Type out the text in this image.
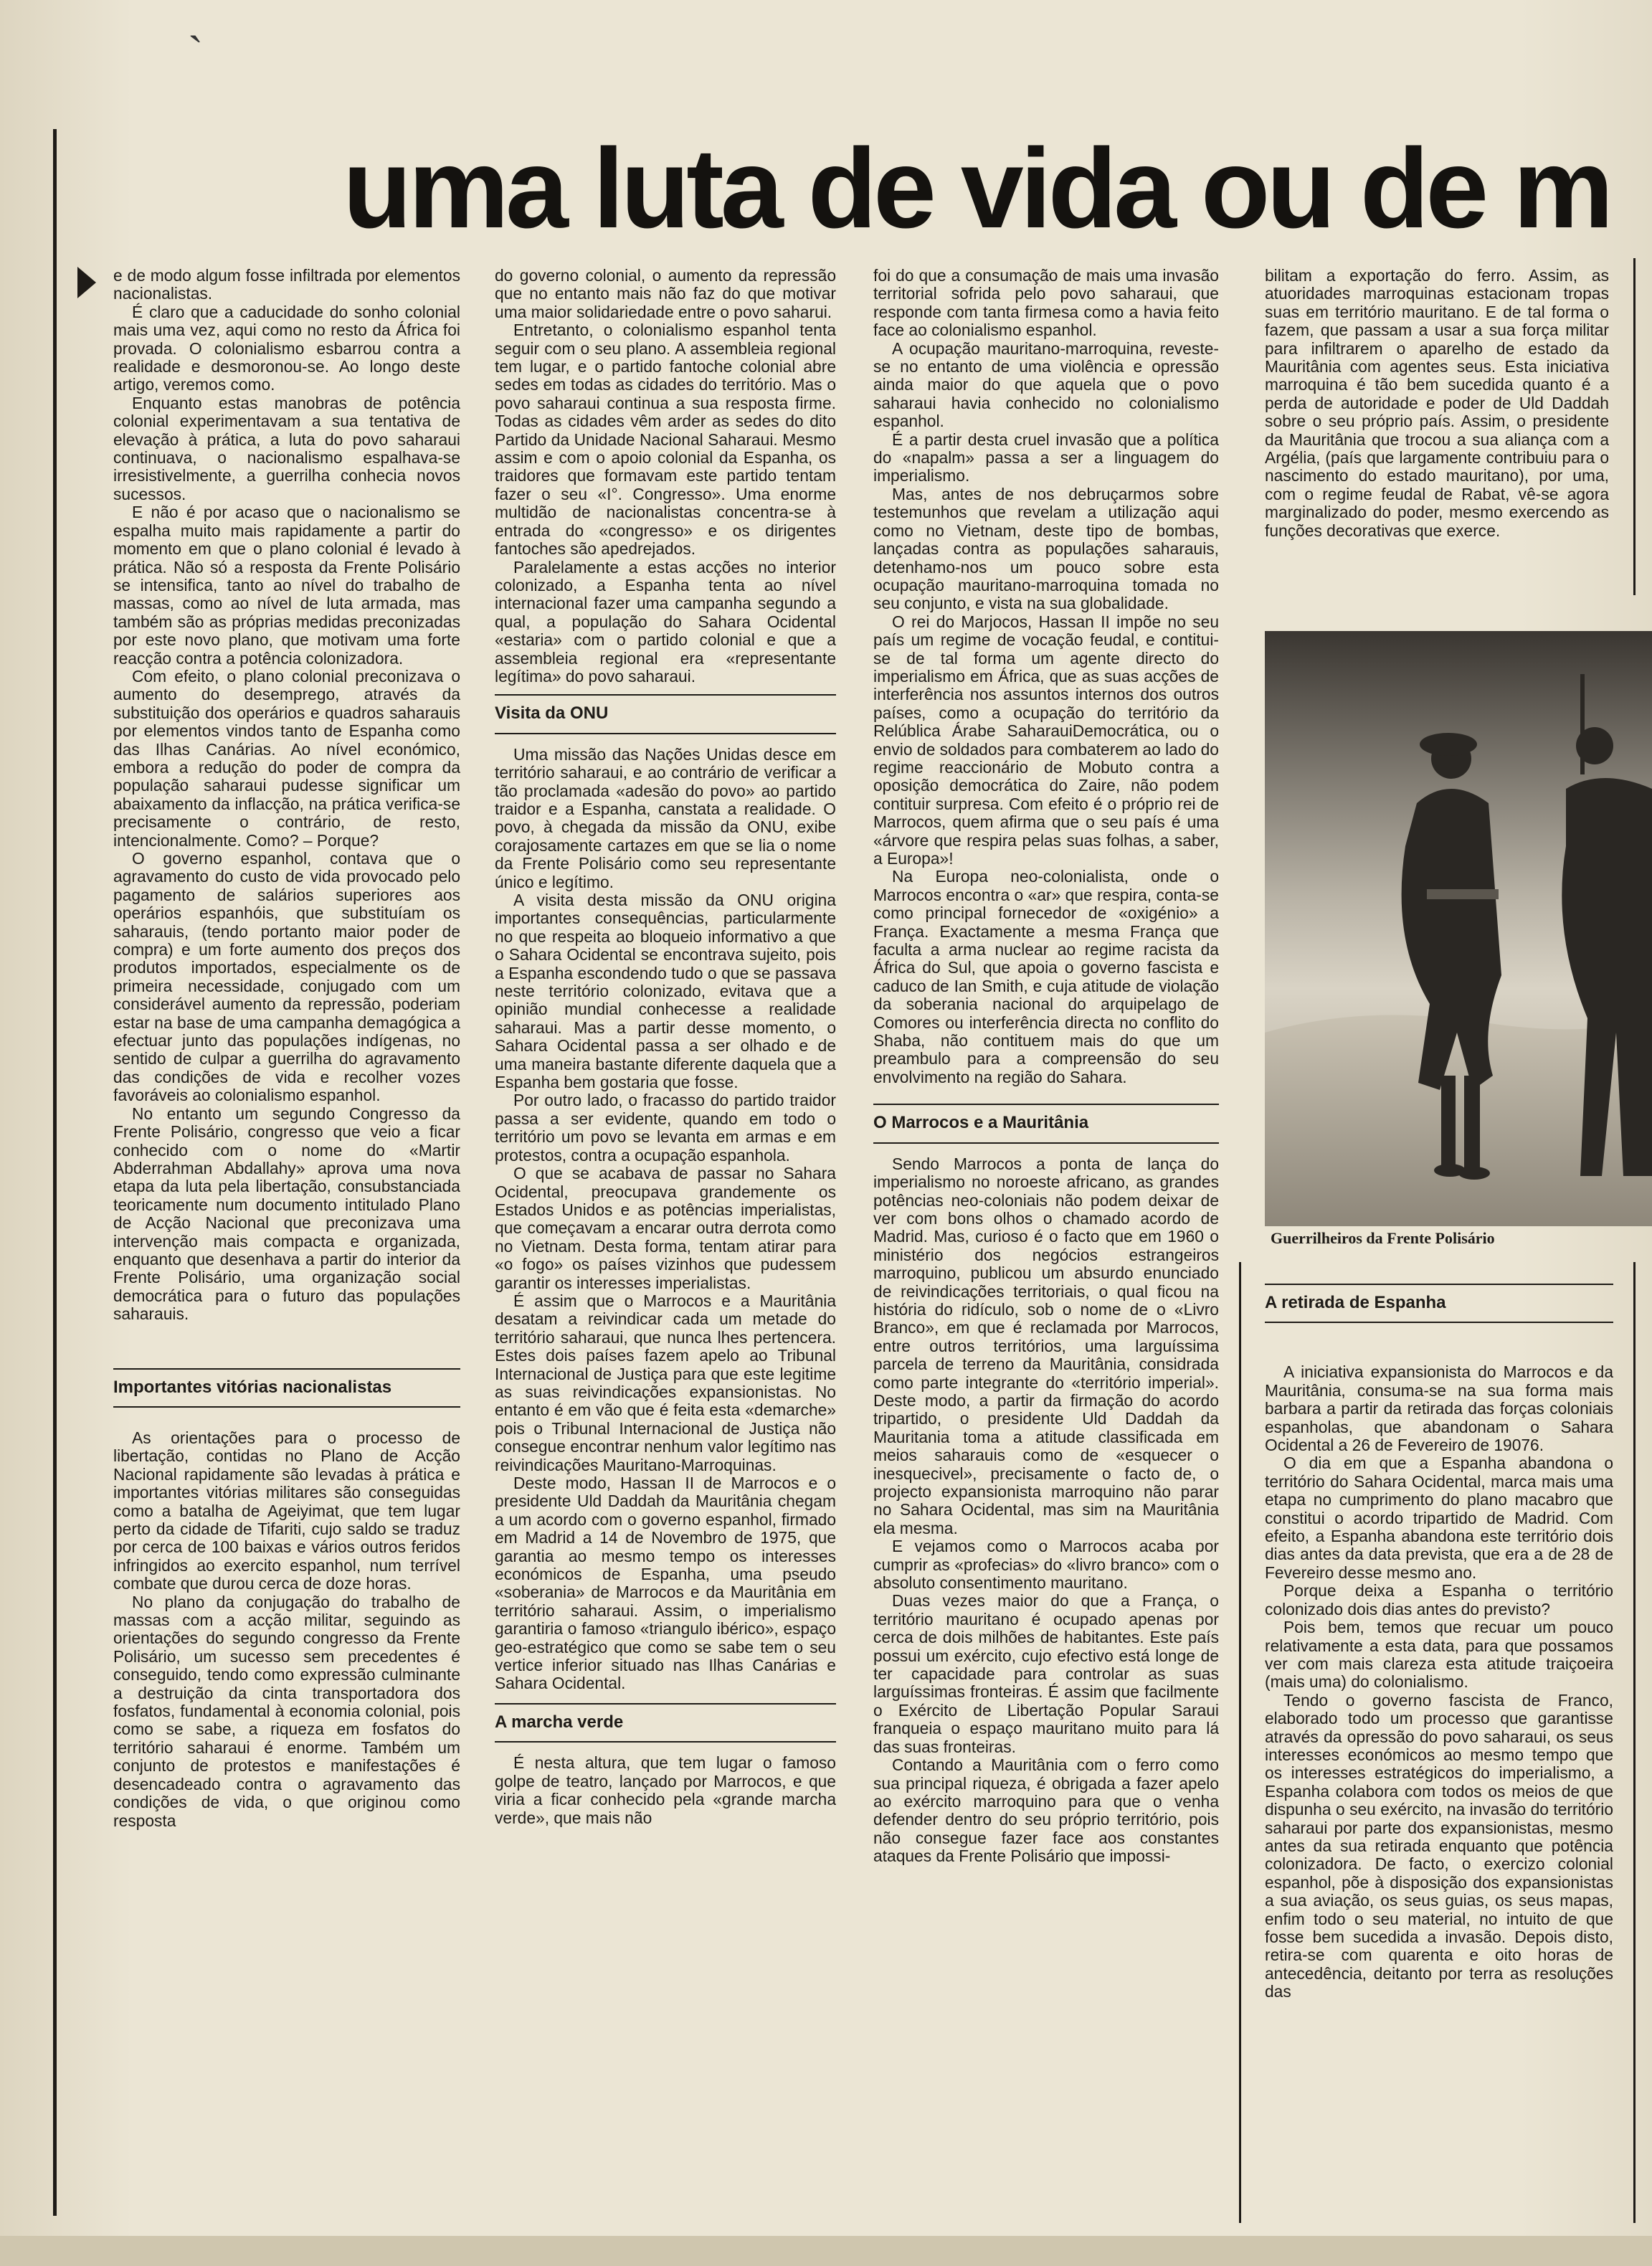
ˋ
uma luta de vida ou de m

e de modo algum fosse infiltrada por elementos nacionalistas.

É claro que a caducidade do sonho colonial mais uma vez, aqui como no resto da África foi provada. O colonialismo esbarrou contra a realidade e desmoronou-se. Ao longo deste artigo, veremos como.

Enquanto estas manobras de potência colonial experimentavam a sua tentativa de elevação à prática, a luta do povo saharaui continuava, o nacionalismo espalhava-se irresistivelmente, a guerrilha conhecia novos sucessos.

E não é por acaso que o nacionalismo se espalha muito mais rapidamente a partir do momento em que o plano colonial é levado à prática. Não só a resposta da Frente Polisário se intensifica, tanto ao nível do trabalho de massas, como ao nível de luta armada, mas também são as próprias medidas preconizadas por este novo plano, que motivam uma forte reacção contra a potência colonizadora.

Com efeito, o plano colonial preconizava o aumento do desemprego, através da substituição dos operários e quadros saharauis por elementos vindos tanto de Espanha como das Ilhas Canárias. Ao nível económico, embora a redução do poder de compra da população saharaui pudesse significar um abaixamento da inflacção, na prática verifica-se precisamente o contrário, de resto, intencionalmente. Como? – Porque?

O governo espanhol, contava que o agravamento do custo de vida provocado pelo pagamento de salários superiores aos operários espanhóis, que substituíam os saharauis, (tendo portanto maior poder de compra) e um forte aumento dos preços dos produtos importados, especialmente os de primeira necessidade, conjugado com um considerável aumento da repressão, poderiam estar na base de uma campanha demagógica a efectuar junto das populações indígenas, no sentido de culpar a guerrilha do agravamento das condições de vida e recolher vozes favoráveis ao colonialismo espanhol.

No entanto um segundo Congresso da Frente Polisário, congresso que veio a ficar conhecido com o nome do «Martir Abderrahman Abdallahy» aprova uma nova etapa da luta pela libertação, consubstanciada teoricamente num documento intitulado Plano de Acção Nacional que preconizava uma intervenção mais compacta e organizada, enquanto que desenhava a partir do interior da Frente Polisário, uma organização social democrática para o futuro das populações saharauis.

Importantes vitórias nacionalistas

As orientações para o processo de libertação, contidas no Plano de Acção Nacional rapidamente são levadas à prática e importantes vitórias militares são conseguidas como a batalha de Ageiyimat, que tem lugar perto da cidade de Tifariti, cujo saldo se traduz por cerca de 100 baixas e vários outros feridos infringidos ao exercito espanhol, num terrível combate que durou cerca de doze horas.

No plano da conjugação do trabalho de massas com a acção militar, seguindo as orientações do segundo congresso da Frente Polisário, um sucesso sem precedentes é conseguido, tendo como expressão culminante a destruição da cinta transportadora dos fosfatos, fundamental à economia colonial, pois como se sabe, a riqueza em fosfatos do território saharaui é enorme. Também um conjunto de protestos e manifestações é desencadeado contra o agravamento das condições de vida, o que originou como resposta

do governo colonial, o aumento da repressão que no entanto mais não faz do que motivar uma maior solidariedade entre o povo saharui.

Entretanto, o colonialismo espanhol tenta seguir com o seu plano. A assembleia regional tem lugar, e o partido fantoche colonial abre sedes em todas as cidades do território. Mas o povo saharaui continua a sua resposta firme. Todas as cidades vêm arder as sedes do dito Partido da Unidade Nacional Saharaui. Mesmo assim e com o apoio colonial da Espanha, os traidores que formavam este partido tentam fazer o seu «I°. Congresso». Uma enorme multidão de nacionalistas concentra-se à entrada do «congresso» e os dirigentes fantoches são apedrejados.

Paralelamente a estas acções no interior colonizado, a Espanha tenta ao nível internacional fazer uma campanha segundo a qual, a população do Sahara Ocidental «estaria» com o partido colonial e que a assembleia regional era «representante legítima» do povo saharaui.

Visita da ONU

Uma missão das Nações Unidas desce em território saharaui, e ao contrário de verificar a tão proclamada «adesão do povo» ao partido traidor e a Espanha, canstata a realidade. O povo, à chegada da missão da ONU, exibe corajosamente cartazes em que se lia o nome da Frente Polisário como seu representante único e legítimo.

A visita desta missão da ONU origina importantes consequências, particularmente no que respeita ao bloqueio informativo a que o Sahara Ocidental se encontrava sujeito, pois a Espanha escondendo tudo o que se passava neste território colonizado, evitava que a opinião mundial conhecesse a realidade saharaui. Mas a partir desse momento, o Sahara Ocidental passa a ser olhado e de uma maneira bastante diferente daquela que a Espanha bem gostaria que fosse.

Por outro lado, o fracasso do partido traidor passa a ser evidente, quando em todo o território um povo se levanta em armas e em protestos, contra a ocupação espanhola.

O que se acabava de passar no Sahara Ocidental, preocupava grandemente os Estados Unidos e as potências imperialistas, que começavam a encarar outra derrota como no Vietnam. Desta forma, tentam atirar para «o fogo» os países vizinhos que pudessem garantir os interesses imperialistas.

É assim que o Marrocos e a Mauritânia desatam a reivindicar cada um metade do território saharaui, que nunca lhes pertencera. Estes dois países fazem apelo ao Tribunal Internacional de Justiça para que este legitime as suas reivindicações expansionistas. No entanto é em vão que é feita esta «demarche» pois o Tribunal Internacional de Justiça não consegue encontrar nenhum valor legítimo nas reivindicações Mauritano-Marroquinas.

Deste modo, Hassan II de Marrocos e o presidente Uld Daddah da Mauritânia chegam a um acordo com o governo espanhol, firmado em Madrid a 14 de Novembro de 1975, que garantia ao mesmo tempo os interesses económicos de Espanha, uma pseudo «soberania» de Marrocos e da Mauritânia em território saharaui. Assim, o imperialismo garantiria o famoso «triangulo ibérico», espaço geo-estratégico que como se sabe tem o seu vertice inferior situado nas Ilhas Canárias e Sahara Ocidental.

A marcha verde

É nesta altura, que tem lugar o famoso golpe de teatro, lançado por Marrocos, e que viria a ficar conhecido pela «grande marcha verde», que mais não

foi do que a consumação de mais uma invasão territorial sofrida pelo povo saharaui, que responde com tanta firmesa como a havia feito face ao colonialismo espanhol.

A ocupação mauritano-marroquina, reveste-se no entanto de uma violência e opressão ainda maior do que aquela que o povo saharaui havia conhecido no colonialismo espanhol.

É a partir desta cruel invasão que a política do «napalm» passa a ser a linguagem do imperialismo.

Mas, antes de nos debruçarmos sobre testemunhos que revelam a utilização aqui como no Vietnam, deste tipo de bombas, lançadas contra as populações saharauis, detenhamo-nos um pouco sobre esta ocupação mauritano-marroquina tomada no seu conjunto, e vista na sua globalidade.

O rei do Marjocos, Hassan II impõe no seu país um regime de vocação feudal, e contitui-se de tal forma um agente directo do imperialismo em África, que as suas acções de interferência nos assuntos internos dos outros países, como a ocupação do território da Relública Árabe SaharauiDemocrática, ou o envio de soldados para combaterem ao lado do regime reaccionário de Mobuto contra a oposição democrática do Zaire, não podem contituir surpresa. Com efeito é o próprio rei de Marrocos, quem afirma que o seu país é uma «árvore que respira pelas suas folhas, a saber, a Europa»!

Na Europa neo-colonialista, onde o Marrocos encontra o «ar» que respira, conta-se como principal fornecedor de «oxigénio» a França. Exactamente a mesma França que faculta a arma nuclear ao regime racista da África do Sul, que apoia o governo fascista e caduco de Ian Smith, e cuja atitude de violação da soberania nacional do arquipelago de Comores ou interferência directa no conflito do Shaba, não contituem mais do que um preambulo para a compreensão do seu envolvimento na região do Sahara.

O Marrocos e a Mauritânia

Sendo Marrocos a ponta de lança do imperialismo no noroeste africano, as grandes potências neo-coloniais não podem deixar de ver com bons olhos o chamado acordo de Madrid. Mas, curioso é o facto que em 1960 o ministério dos negócios estrangeiros marroquino, publicou um absurdo enunciado de reivindicações territoriais, o qual ficou na história do ridículo, sob o nome de o «Livro Branco», em que é reclamada por Marrocos, entre outros territórios, uma larguíssima parcela de terreno da Mauritânia, considrada como parte integrante do «território imperial». Deste modo, a partir da firmação do acordo tripartido, o presidente Uld Daddah da Mauritania toma a atitude classificada em meios saharauis como de «esquecer o inesquecivel», precisamente o facto de, o projecto expansionista marroquino não parar no Sahara Ocidental, mas sim na Mauritânia ela mesma.

E vejamos como o Marrocos acaba por cumprir as «profecias» do «livro branco» com o absoluto consentimento mauritano.

Duas vezes maior do que a França, o território mauritano é ocupado apenas por cerca de dois milhões de habitantes. Este país possui um exército, cujo efectivo está longe de ter capacidade para controlar as suas larguíssimas fronteiras. É assim que facilmente o Exército de Libertação Popular Saraui franqueia o espaço mauritano muito para lá das suas fronteiras.

Contando a Mauritânia com o ferro como sua principal riqueza, é obrigada a fazer apelo ao exército marroquino para que o venha defender dentro do seu próprio território, pois não consegue fazer face aos constantes ataques da Frente Polisário que impossi-

bilitam a exportação do ferro. Assim, as atuoridades marroquinas estacionam tropas suas em território mauritano. E de tal forma o fazem, que passam a usar a sua força militar para infiltrarem o aparelho de estado da Mauritânia com agentes seus. Esta iniciativa marroquina é tão bem sucedida quanto é a perda de autoridade e poder de Uld Daddah sobre o seu próprio país. Assim, o presidente da Mauritânia que trocou a sua aliança com a Argélia, (país que largamente contribuiu para o nascimento do estado mauritano), por uma, com o regime feudal de Rabat, vê-se agora marginalizado do poder, mesmo exercendo as funções decorativas que exerce.

Guerrilheiros da Frente Polisário
A retirada de Espanha

A iniciativa expansionista do Marrocos e da Mauritânia, consuma-se na sua forma mais barbara a partir da retirada das forças coloniais espanholas, que abandonam o Sahara Ocidental a 26 de Fevereiro de 19076.

O dia em que a Espanha abandona o território do Sahara Ocidental, marca mais uma etapa no cumprimento do plano macabro que constitui o acordo tripartido de Madrid. Com efeito, a Espanha abandona este território dois dias antes da data prevista, que era a de 28 de Fevereiro desse mesmo ano.

Porque deixa a Espanha o território colonizado dois dias antes do previsto?

Pois bem, temos que recuar um pouco relativamente a esta data, para que possamos ver com mais clareza esta atitude traiçoeira (mais uma) do colonialismo.

Tendo o governo fascista de Franco, elaborado todo um processo que garantisse através da opressão do povo saharaui, os seus interesses económicos ao mesmo tempo que os interesses estratégicos do imperialismo, a Espanha colabora com todos os meios de que dispunha o seu exército, na invasão do território saharaui por parte dos expansionistas, mesmo antes da sua retirada enquanto que potência colonizadora. De facto, o exercizo colonial espanhol, põe à disposição dos expansionistas a sua aviação, os seus guias, os seus mapas, enfim todo o seu material, no intuito de que fosse bem sucedida a invasão. Depois disto, retira-se com quarenta e oito horas de antecedência, deitanto por terra as resoluções das
